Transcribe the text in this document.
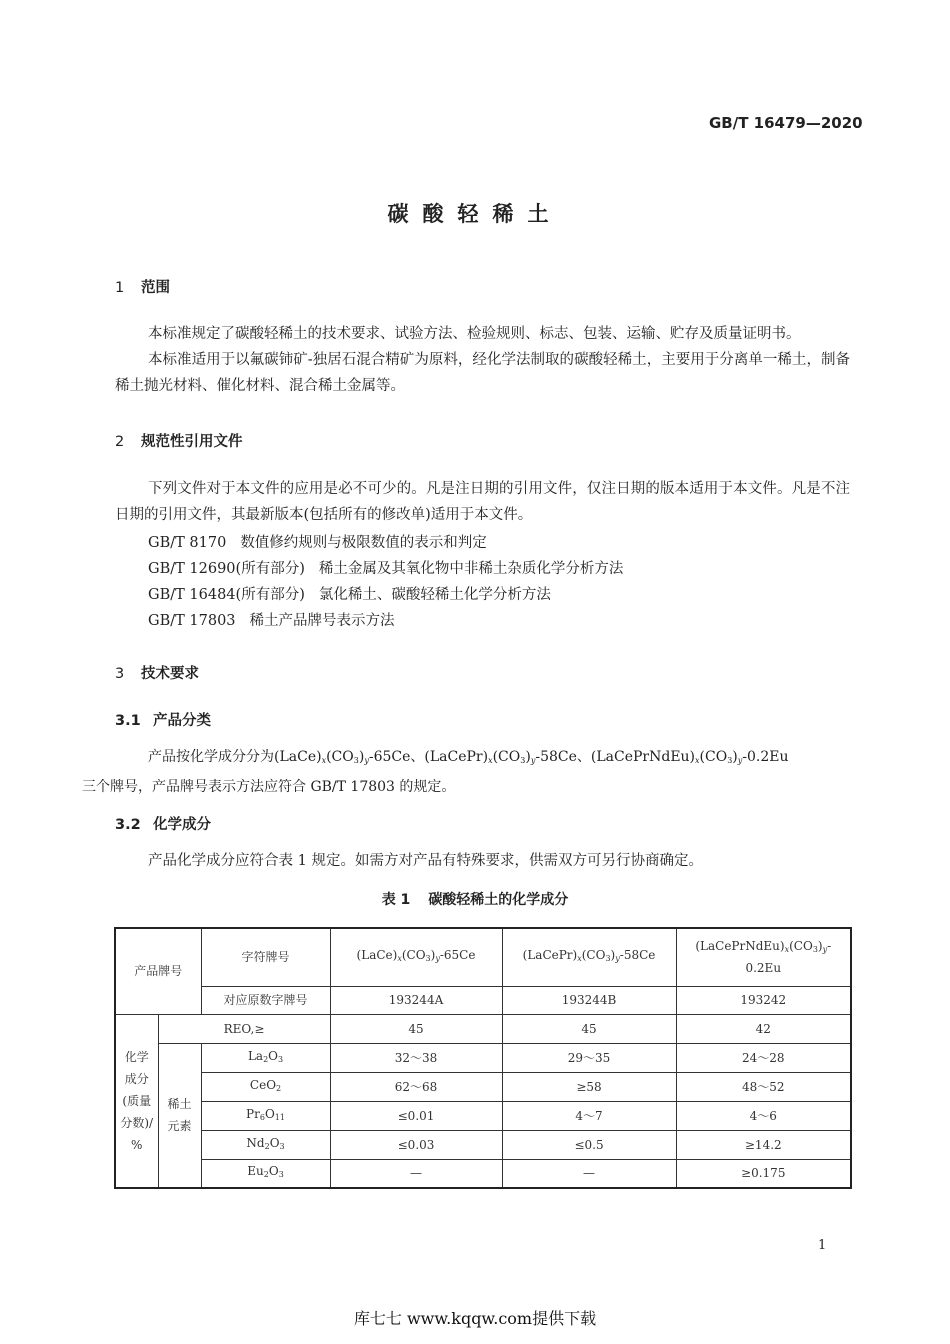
GB/T 16479—2020
碳酸轻稀土
1 范围
本标准规定了碳酸轻稀土的技术要求、试验方法、检验规则、标志、包装、运输、贮存及质量证明书。
本标准适用于以氟碳铈矿-独居石混合精矿为原料，经化学法制取的碳酸轻稀土，主要用于分离单一稀土，制备稀土抛光材料、催化材料、混合稀土金属等。
2 规范性引用文件
下列文件对于本文件的应用是必不可少的。凡是注日期的引用文件，仅注日期的版本适用于本文件。凡是不注日期的引用文件，其最新版本(包括所有的修改单)适用于本文件。
GB/T 8170 数值修约规则与极限数值的表示和判定
GB/T 12690(所有部分) 稀土金属及其氧化物中非稀土杂质化学分析方法
GB/T 16484(所有部分) 氯化稀土、碳酸轻稀土化学分析方法
GB/T 17803 稀土产品牌号表示方法
3 技术要求
3.1 产品分类
产品按化学成分分为$(LaCe)x(CO_3)y-65Ce$、$(LaCePr)x(CO_3)y-58Ce$、$(LaCePrNdEu)x(CO_3)y-0.2Eu$
三个牌号，产品牌号表示方法应符合 GB/T 17803 的规定。
3.2 化学成分
产品化学成分应符合表 1 规定。如需方对产品有特殊要求，供需双方可另行协商确定。
表 1 碳酸轻稀土的化学成分
产品牌号		字符牌号	$(LaCe)x(CO_3)y-65Ce$	$(LaCePr)x(CO_3)y-58Ce$	$(LaCePrNdEu)x(CO_3)y-$
0.2Eu
		对应原数字牌号	193244A	193244B	193242
化学
成分
(质量
分数)/
%	REO,≥		45	45	42
	稀土
元素	$La_2O_3$	32～38	29～35	24～28
		CeO$_2$	62～68	≥58	48～52
		$Pr_6O_{11}$	≤0.01	4～7	4～6
		$Nd_2O_3$	≤0.03	≤0.5	≥14.2
		$Eu_2O_3$	—	—	≥0.175
1
库七七 www.kqqw.com提供下载
